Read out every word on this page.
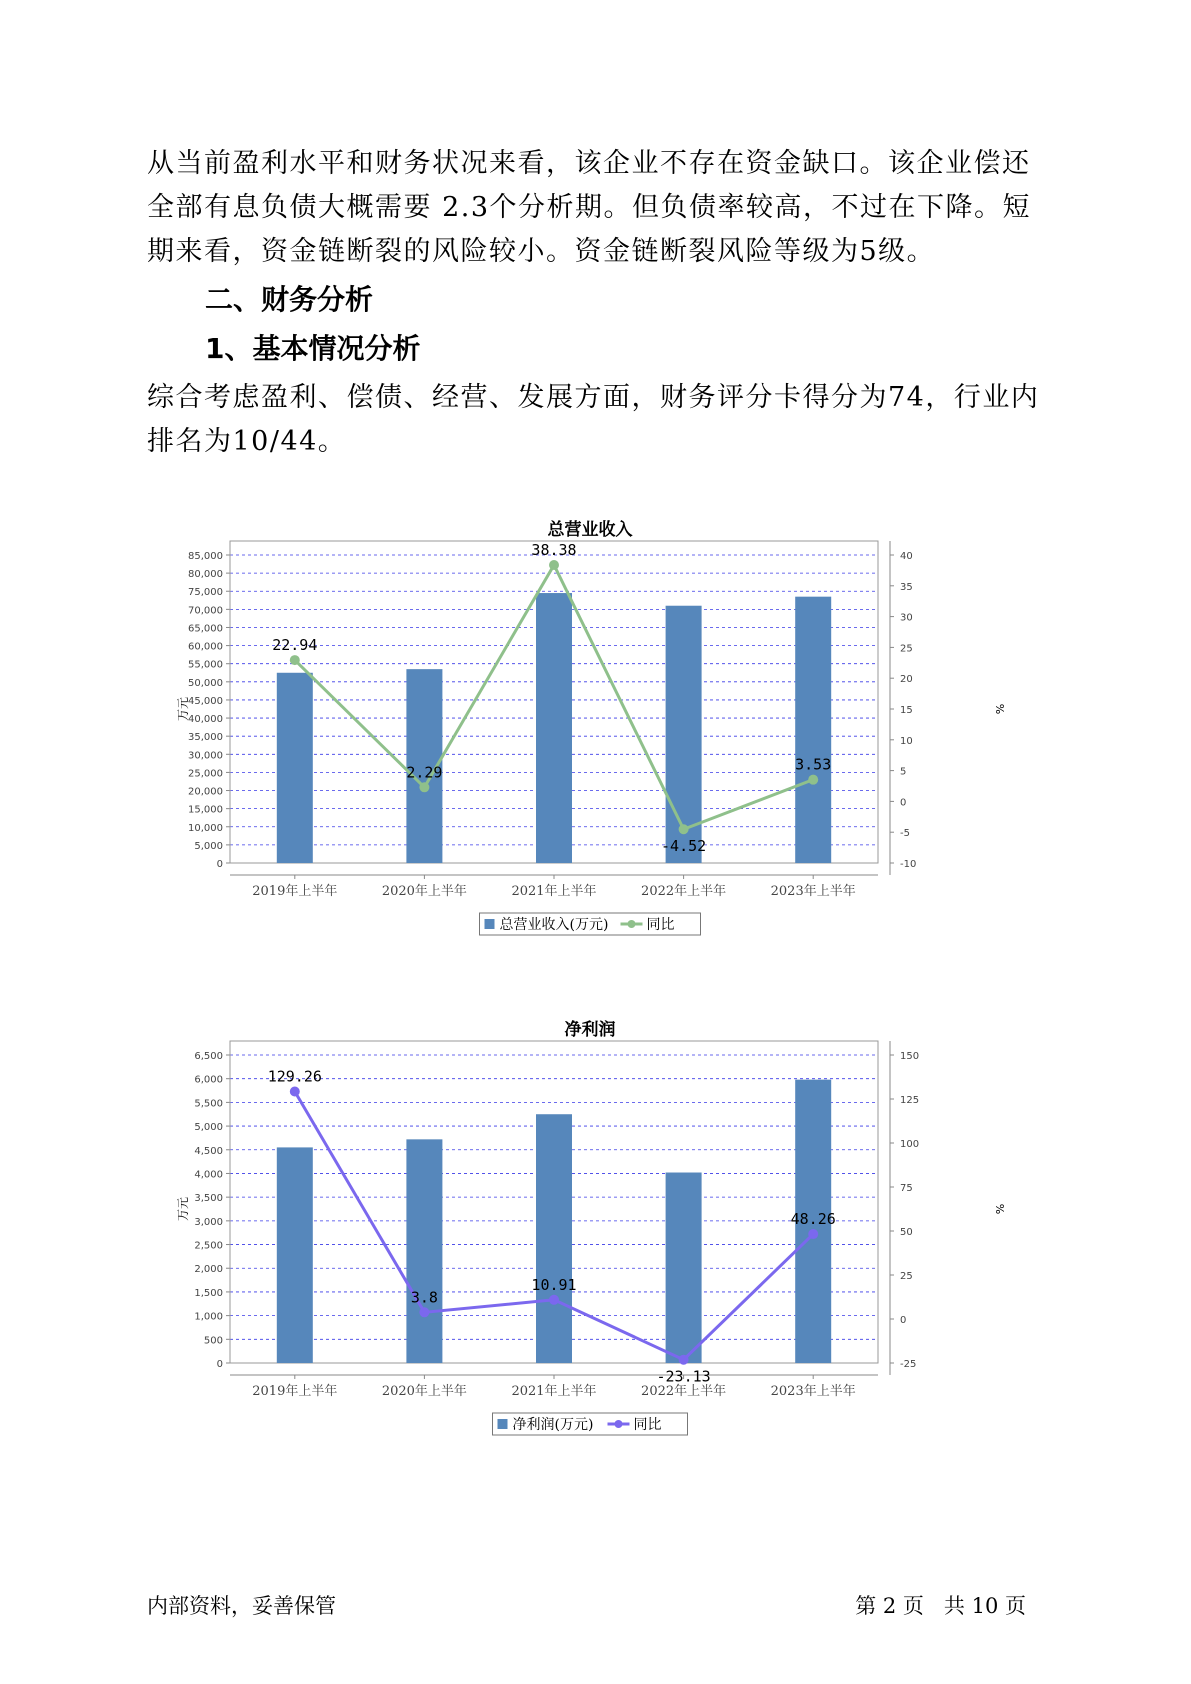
从当前盈利水平和财务状况来看，该企业不存在资金缺口。该企业偿还全部有息负债大概需要 2.3个分析期。但负债率较高，不过在下降。短期来看，资金链断裂的风险较小。资金链断裂风险等级为5级。

二、财务分析
1、基本情况分析

综合考虑盈利、偿债、经营、发展方面，财务评分卡得分为74，行业内排名为10/44。

总营业收入
0
5,000
10,000
15,000
20,000
25,000
30,000
35,000
40,000
45,000
50,000
55,000
60,000
65,000
70,000
75,000
80,000
85,000
-10
-5
0
5
10
15
20
25
30
35
40
万元	%
2019年上半年	2020年上半年	2021年上半年	2022年上半年	2023年上半年
22.94
2.29
38.38
-4.52
3.53
总营业收入(万元)	同比
净利润
0
500
1,000
1,500
2,000
2,500
3,000
3,500
4,000
4,500
5,000
5,500
6,000
6,500
-25
0
25
50
75
100
125
150
万元	%
2019年上半年	2020年上半年	2021年上半年	2022年上半年	2023年上半年
129.26
3.8
10.91
-23.13
48.26
净利润(万元)	同比
内部资料，妥善保管	第 2 页   共 10 页
